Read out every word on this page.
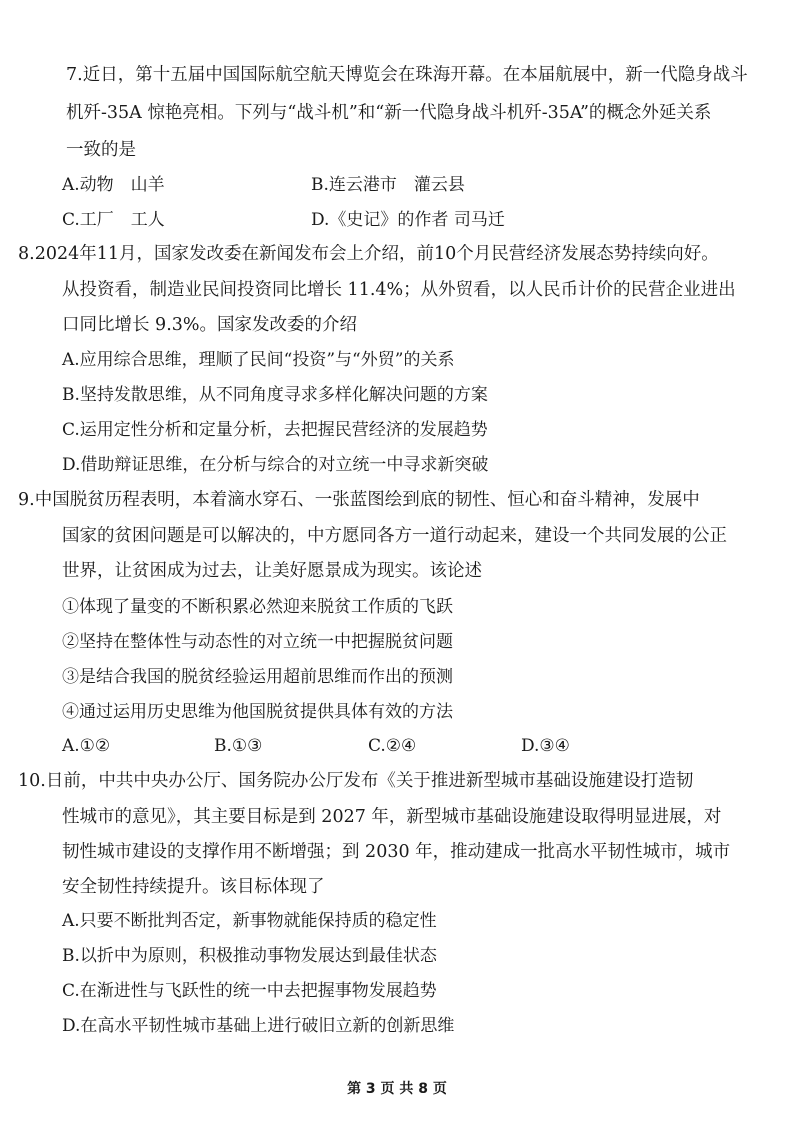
7.近日，第十五届中国国际航空航天博览会在珠海开幕。在本届航展中，新一代隐身战斗
机歼-35A 惊艳亮相。下列与“战斗机”和“新一代隐身战斗机歼-35A”的概念外延关系
一致的是
A.动物　山羊	B.连云港市　灌云县
C.工厂　工人	D.《史记》的作者 司马迁
8.2024年11月，国家发改委在新闻发布会上介绍，前10个月民营经济发展态势持续向好。
从投资看，制造业民间投资同比增长 11.4%；从外贸看，以人民币计价的民营企业进出
口同比增长 9.3%。国家发改委的介绍
A.应用综合思维，理顺了民间“投资”与“外贸”的关系
B.坚持发散思维，从不同角度寻求多样化解决问题的方案
C.运用定性分析和定量分析，去把握民营经济的发展趋势
D.借助辩证思维，在分析与综合的对立统一中寻求新突破
9.中国脱贫历程表明，本着滴水穿石、一张蓝图绘到底的韧性、恒心和奋斗精神，发展中
国家的贫困问题是可以解决的，中方愿同各方一道行动起来，建设一个共同发展的公正
世界，让贫困成为过去，让美好愿景成为现实。该论述
①体现了量变的不断积累必然迎来脱贫工作质的飞跃
②坚持在整体性与动态性的对立统一中把握脱贫问题
③是结合我国的脱贫经验运用超前思维而作出的预测
④通过运用历史思维为他国脱贫提供具体有效的方法
A.①②	B.①③	C.②④	D.③④
10.日前，中共中央办公厅、国务院办公厅发布《关于推进新型城市基础设施建设打造韧
性城市的意见》，其主要目标是到 2027 年，新型城市基础设施建设取得明显进展，对
韧性城市建设的支撑作用不断增强；到 2030 年，推动建成一批高水平韧性城市，城市
安全韧性持续提升。该目标体现了
A.只要不断批判否定，新事物就能保持质的稳定性
B.以折中为原则，积极推动事物发展达到最佳状态
C.在渐进性与飞跃性的统一中去把握事物发展趋势
D.在高水平韧性城市基础上进行破旧立新的创新思维
第 3 页 共 8 页
